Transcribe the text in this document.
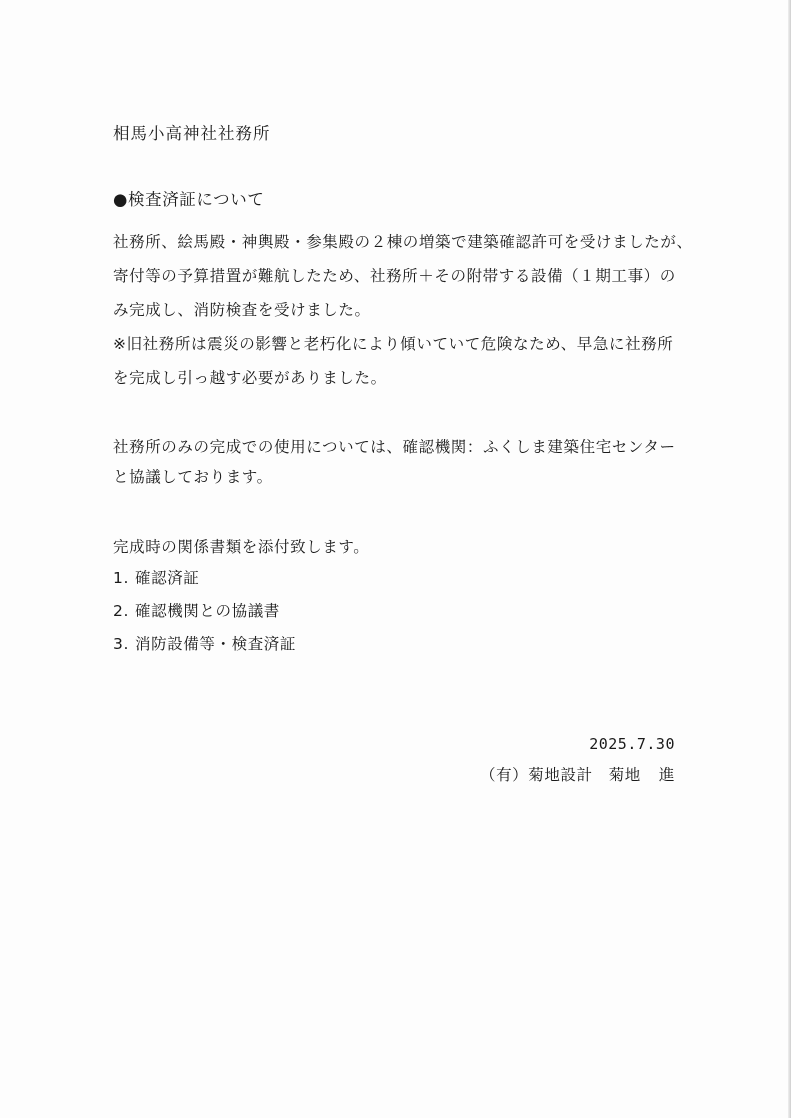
相馬小高神社社務所
●検査済証について
社務所、絵馬殿・神輿殿・参集殿の２棟の増築で建築確認許可を受けましたが、
寄付等の予算措置が難航したため、社務所＋その附帯する設備（１期工事）の
み完成し、消防検査を受けました。
※旧社務所は震災の影響と老朽化により傾いていて危険なため、早急に社務所
を完成し引っ越す必要がありました。
社務所のみの完成での使用については、確認機関：ふくしま建築住宅センター
と協議しております。
完成時の関係書類を添付致します。
1. 確認済証
2. 確認機関との協議書
3. 消防設備等・検査済証
2025.7.30
（有）菊地設計 菊地 進
